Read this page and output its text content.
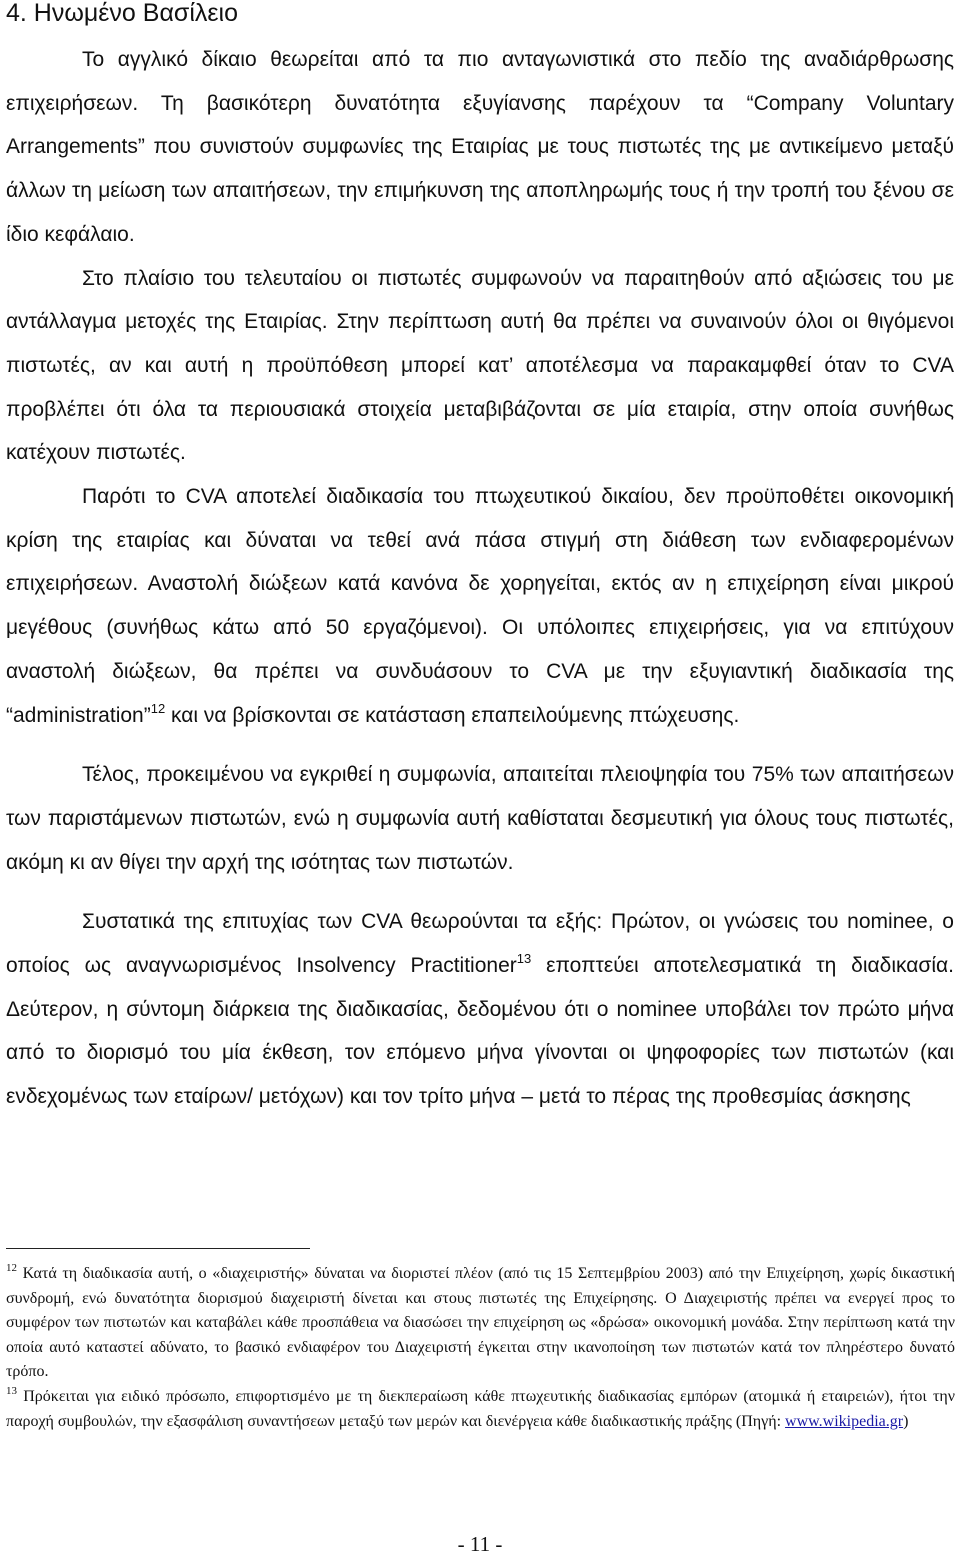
4. Ηνωμένο Βασίλειο

Το αγγλικό δίκαιο θεωρείται από τα πιο ανταγωνιστικά στο πεδίο της αναδιάρθρωσης επιχειρήσεων. Τη βασικότερη δυνατότητα εξυγίανσης παρέχουν τα “Company Voluntary Arrangements” που συνιστούν συμφωνίες της Εταιρίας με τους πιστωτές της με αντικείμενο μεταξύ άλλων τη μείωση των απαιτήσεων, την επιμήκυνση της αποπληρωμής τους ή την τροπή του ξένου σε ίδιο κεφάλαιο.

Στο πλαίσιο του τελευταίου οι πιστωτές συμφωνούν να παραιτηθούν από αξιώσεις του με αντάλλαγμα μετοχές της Εταιρίας. Στην περίπτωση αυτή θα πρέπει να συναινούν όλοι οι θιγόμενοι πιστωτές, αν και αυτή η προϋπόθεση μπορεί κατ’ αποτέλεσμα να παρακαμφθεί όταν το CVA προβλέπει ότι όλα τα περιουσιακά στοιχεία μεταβιβάζονται σε μία εταιρία, στην οποία συνήθως κατέχουν πιστωτές.

Παρότι το CVA αποτελεί διαδικασία του πτωχευτικού δικαίου, δεν προϋποθέτει οικονομική κρίση της εταιρίας και δύναται να τεθεί ανά πάσα στιγμή στη διάθεση των ενδιαφερομένων επιχειρήσεων. Αναστολή διώξεων κατά κανόνα δε χορηγείται, εκτός αν η επιχείρηση είναι μικρού μεγέθους (συνήθως κάτω από 50 εργαζόμενοι). Οι υπόλοιπες επιχειρήσεις, για να επιτύχουν αναστολή διώξεων, θα πρέπει να συνδυάσουν το CVA με την εξυγιαντική διαδικασία της “administration”$^{12}$ και να βρίσκονται σε κατάσταση επαπειλούμενης πτώχευσης.

Τέλος, προκειμένου να εγκριθεί η συμφωνία, απαιτείται πλειοψηφία του 75% των απαιτήσεων των παριστάμενων πιστωτών, ενώ η συμφωνία αυτή καθίσταται δεσμευτική για όλους τους πιστωτές, ακόμη κι αν θίγει την αρχή της ισότητας των πιστωτών.

Συστατικά της επιτυχίας των CVA θεωρούνται τα εξής: Πρώτον, οι γνώσεις του nominee, ο οποίος ως αναγνωρισμένος Insolvency Practitioner$^{13}$ εποπτεύει αποτελεσματικά τη διαδικασία. Δεύτερον, η σύντομη διάρκεια της διαδικασίας, δεδομένου ότι ο nominee υποβάλει τον πρώτο μήνα από το διορισμό του μία έκθεση, τον επόμενο μήνα γίνονται οι ψηφοφορίες των πιστωτών (και ενδεχομένως των εταίρων/ μετόχων) και τον τρίτο μήνα – μετά το πέρας της προθεσμίας άσκησης

$^{12}$ Κατά τη διαδικασία αυτή, ο «διαχειριστής» δύναται να διοριστεί πλέον (από τις 15 Σεπτεμβρίου 2003) από την Επιχείρηση, χωρίς δικαστική συνδρομή, ενώ δυνατότητα διορισμού διαχειριστή δίνεται και στους πιστωτές της Επιχείρησης. Ο Διαχειριστής πρέπει να ενεργεί προς το συμφέρον των πιστωτών και καταβάλει κάθε προσπάθεια να διασώσει την επιχείρηση ως «δρώσα» οικονομική μονάδα. Στην περίπτωση κατά την οποία αυτό καταστεί αδύνατο, το βασικό ενδιαφέρον του Διαχειριστή έγκειται στην ικανοποίηση των πιστωτών κατά τον πληρέστερο δυνατό τρόπο.

$^{13}$ Πρόκειται για ειδικό πρόσωπο, επιφορτισμένο με τη διεκπεραίωση κάθε πτωχευτικής διαδικασίας εμπόρων (ατομικά ή εταιρειών), ήτοι την παροχή συμβουλών, την εξασφάλιση συναντήσεων μεταξύ των μερών και διενέργεια κάθε διαδικαστικής πράξης (Πηγή: www.wikipedia.gr)

- 11 -
